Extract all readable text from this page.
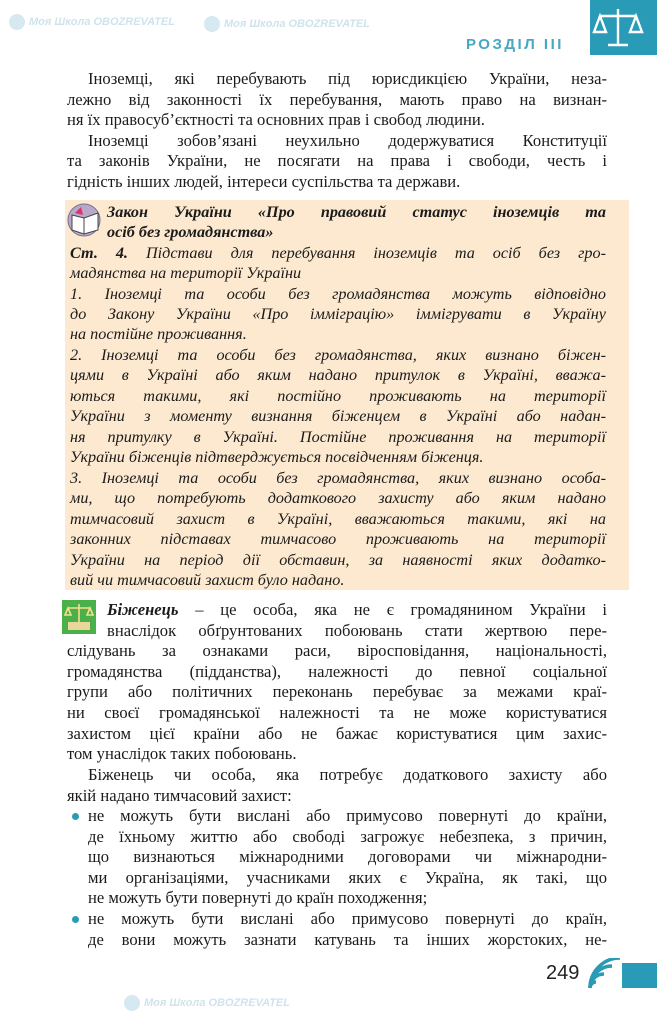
Моя Школа OBOZREVATEL	Моя Школа OBOZREVATEL
Моя Школа OBOZREVATEL
РОЗДІЛ III
Іноземці, які перебувають під юрисдикцією України, неза-
лежно від законності їх перебування, мають право на визнан-
ня їх правосуб’єктності та основних прав і свобод людини.
Іноземці зобов’язані неухильно додержуватися Конституції
та законів України, не посягати на права і свободи, честь і
гідність інших людей, інтереси суспільства та держави.
Закон України «Про правовий статус іноземців та
осіб без громадянства»
Ст. 4. Підстави для перебування іноземців та осіб без гро-
мадянства на території України
1. Іноземці та особи без громадянства можуть відповідно
до Закону України «Про імміграцію» іммігрувати в Україну
на постійне проживання.
2. Іноземці та особи без громадянства, яких визнано біжен-
цями в Україні або яким надано притулок в Україні, вважа-
ються такими, які постійно проживають на території
України з моменту визнання біженцем в Україні або надан-
ня притулку в Україні. Постійне проживання на території
України біженців підтверджується посвідченням біженця.
3. Іноземці та особи без громадянства, яких визнано особа-
ми, що потребують додаткового захисту або яким надано
тимчасовий захист в Україні, вважаються такими, які на
законних підставах тимчасово проживають на території
України на період дії обставин, за наявності яких додатко-
вий чи тимчасовий захист було надано.
Біженець – це особа, яка не є громадянином України і
внаслідок обґрунтованих побоювань стати жертвою пере-
слідувань за ознаками раси, віросповідання, національності,
громадянства (підданства), належності до певної соціальної
групи або політичних переконань перебуває за межами краї-
ни своєї громадянської належності та не може користуватися
захистом цієї країни або не бажає користуватися цим захис-
том унаслідок таких побоювань.
Біженець чи особа, яка потребує додаткового захисту або
якій надано тимчасовий захист:
не можуть бути вислані або примусово повернуті до країни,
де їхньому життю або свободі загрожує небезпека, з причин,
що визнаються міжнародними договорами чи міжнародни-
ми організаціями, учасниками яких є Україна, як такі, що
не можуть бути повернуті до країн походження;
не можуть бути вислані або примусово повернуті до країн,
де вони можуть зазнати катувань та інших жорстоких, не-
249
